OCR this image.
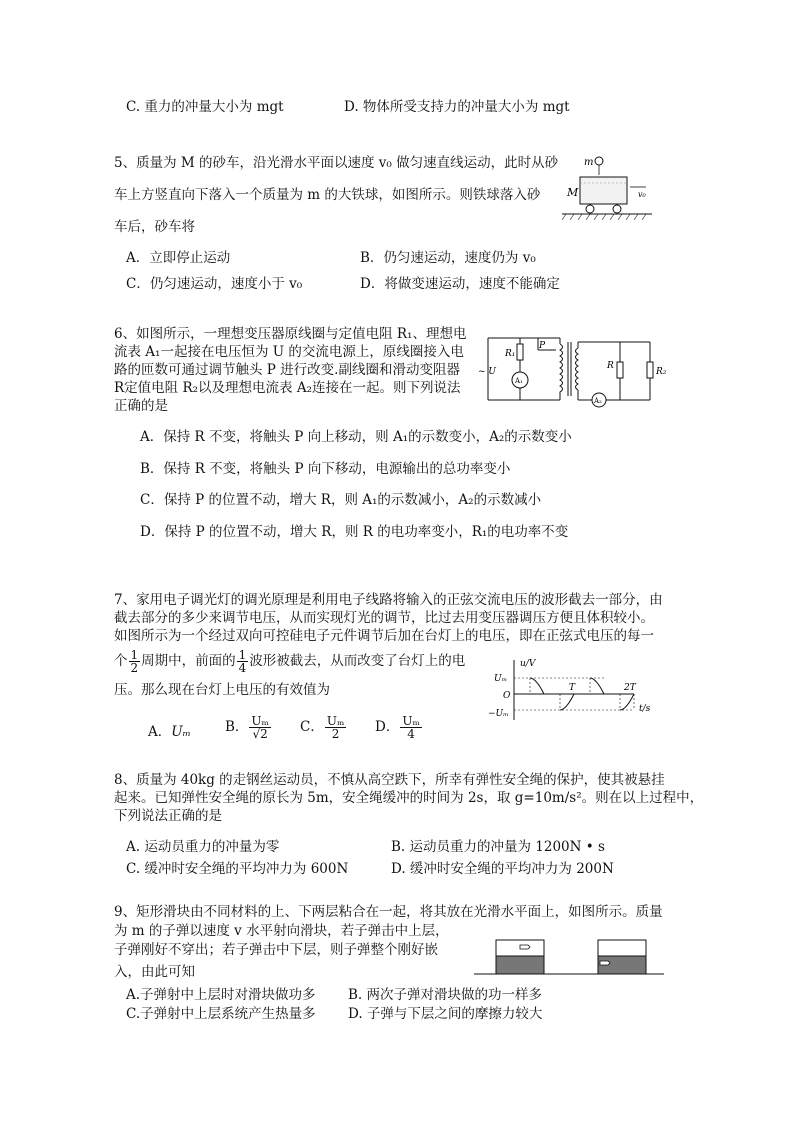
C. 重力的冲量大小为 mgt	D. 物体所受支持力的冲量大小为 mgt
5、质量为 M 的砂车，沿光滑水平面以速度 v₀ 做匀速直线运动，此时从砂
车上方竖直向下落入一个质量为 m 的大铁球，如图所示。则铁球落入砂
车后，砂车将
A．立即停止运动	B．仍匀速运动，速度仍为 v₀
C．仍匀速运动，速度小于 v₀	D．将做变速运动，速度不能确定
m
M	v₀
6、如图所示，一理想变压器原线圈与定值电阻 R₁、理想电
流表 A₁一起接在电压恒为 U 的交流电源上，原线圈接入电
路的匝数可通过调节触头 P 进行改变.副线圈和滑动变阻器
R定值电阻 R₂以及理想电流表 A₂连接在一起。则下列说法
正确的是
A．保持 R 不变，将触头 P 向上移动，则 A₁的示数变小，A₂的示数变小
B．保持 R 不变，将触头 P 向下移动，电源输出的总功率变小
C．保持 P 的位置不动，增大 R，则 A₁的示数减小，A₂的示数减小
D．保持 P 的位置不动，增大 R，则 R 的电功率变小，R₁的电功率不变
R₁
P
~ U
A₁
R
R₂
A₂
7、家用电子调光灯的调光原理是利用电子线路将输入的正弦交流电压的波形截去一部分，由
截去部分的多少来调节电压，从而实现灯光的调节，比过去用变压器调压方便且体积较小。
如图所示为一个经过双向可控硅电子元件调节后加在台灯上的电压，即在正弦式电压的每一
个 $\frac{1}{2}$ 周期中，前面的 $\frac{1}{4}$ 波形被截去，从而改变了台灯上的电
压。那么现在台灯上电压的有效值为
A．Uₘ	B． $\frac{\text{Uₘ}}{√2}$ C． $\frac{\text{Uₘ}}{2}$ D． $\frac{\text{Uₘ}}{4}$
u/V
Uₘ
O
−Uₘ
T	2T
t/s
8、质量为 40kg 的走钢丝运动员，不慎从高空跌下，所幸有弹性安全绳的保护，使其被悬挂
起来。已知弹性安全绳的原长为 5m，安全绳缓冲的时间为 2s，取 g=10m/s²。则在以上过程中，
下列说法正确的是
A. 运动员重力的冲量为零	B. 运动员重力的冲量为 1200N • s
C. 缓冲时安全绳的平均冲力为 600N	D. 缓冲时安全绳的平均冲力为 200N
9、矩形滑块由不同材料的上、下两层粘合在一起，将其放在光滑水平面上，如图所示。质量
为 m 的子弹以速度 v 水平射向滑块，若子弹击中上层，
子弹刚好不穿出；若子弹击中下层，则子弹整个刚好嵌
入，由此可知
A.子弹射中上层时对滑块做功多 B. 两次子弹对滑块做的功一样多
C.子弹射中上层系统产生热量多 D. 子弹与下层之间的摩擦力较大
